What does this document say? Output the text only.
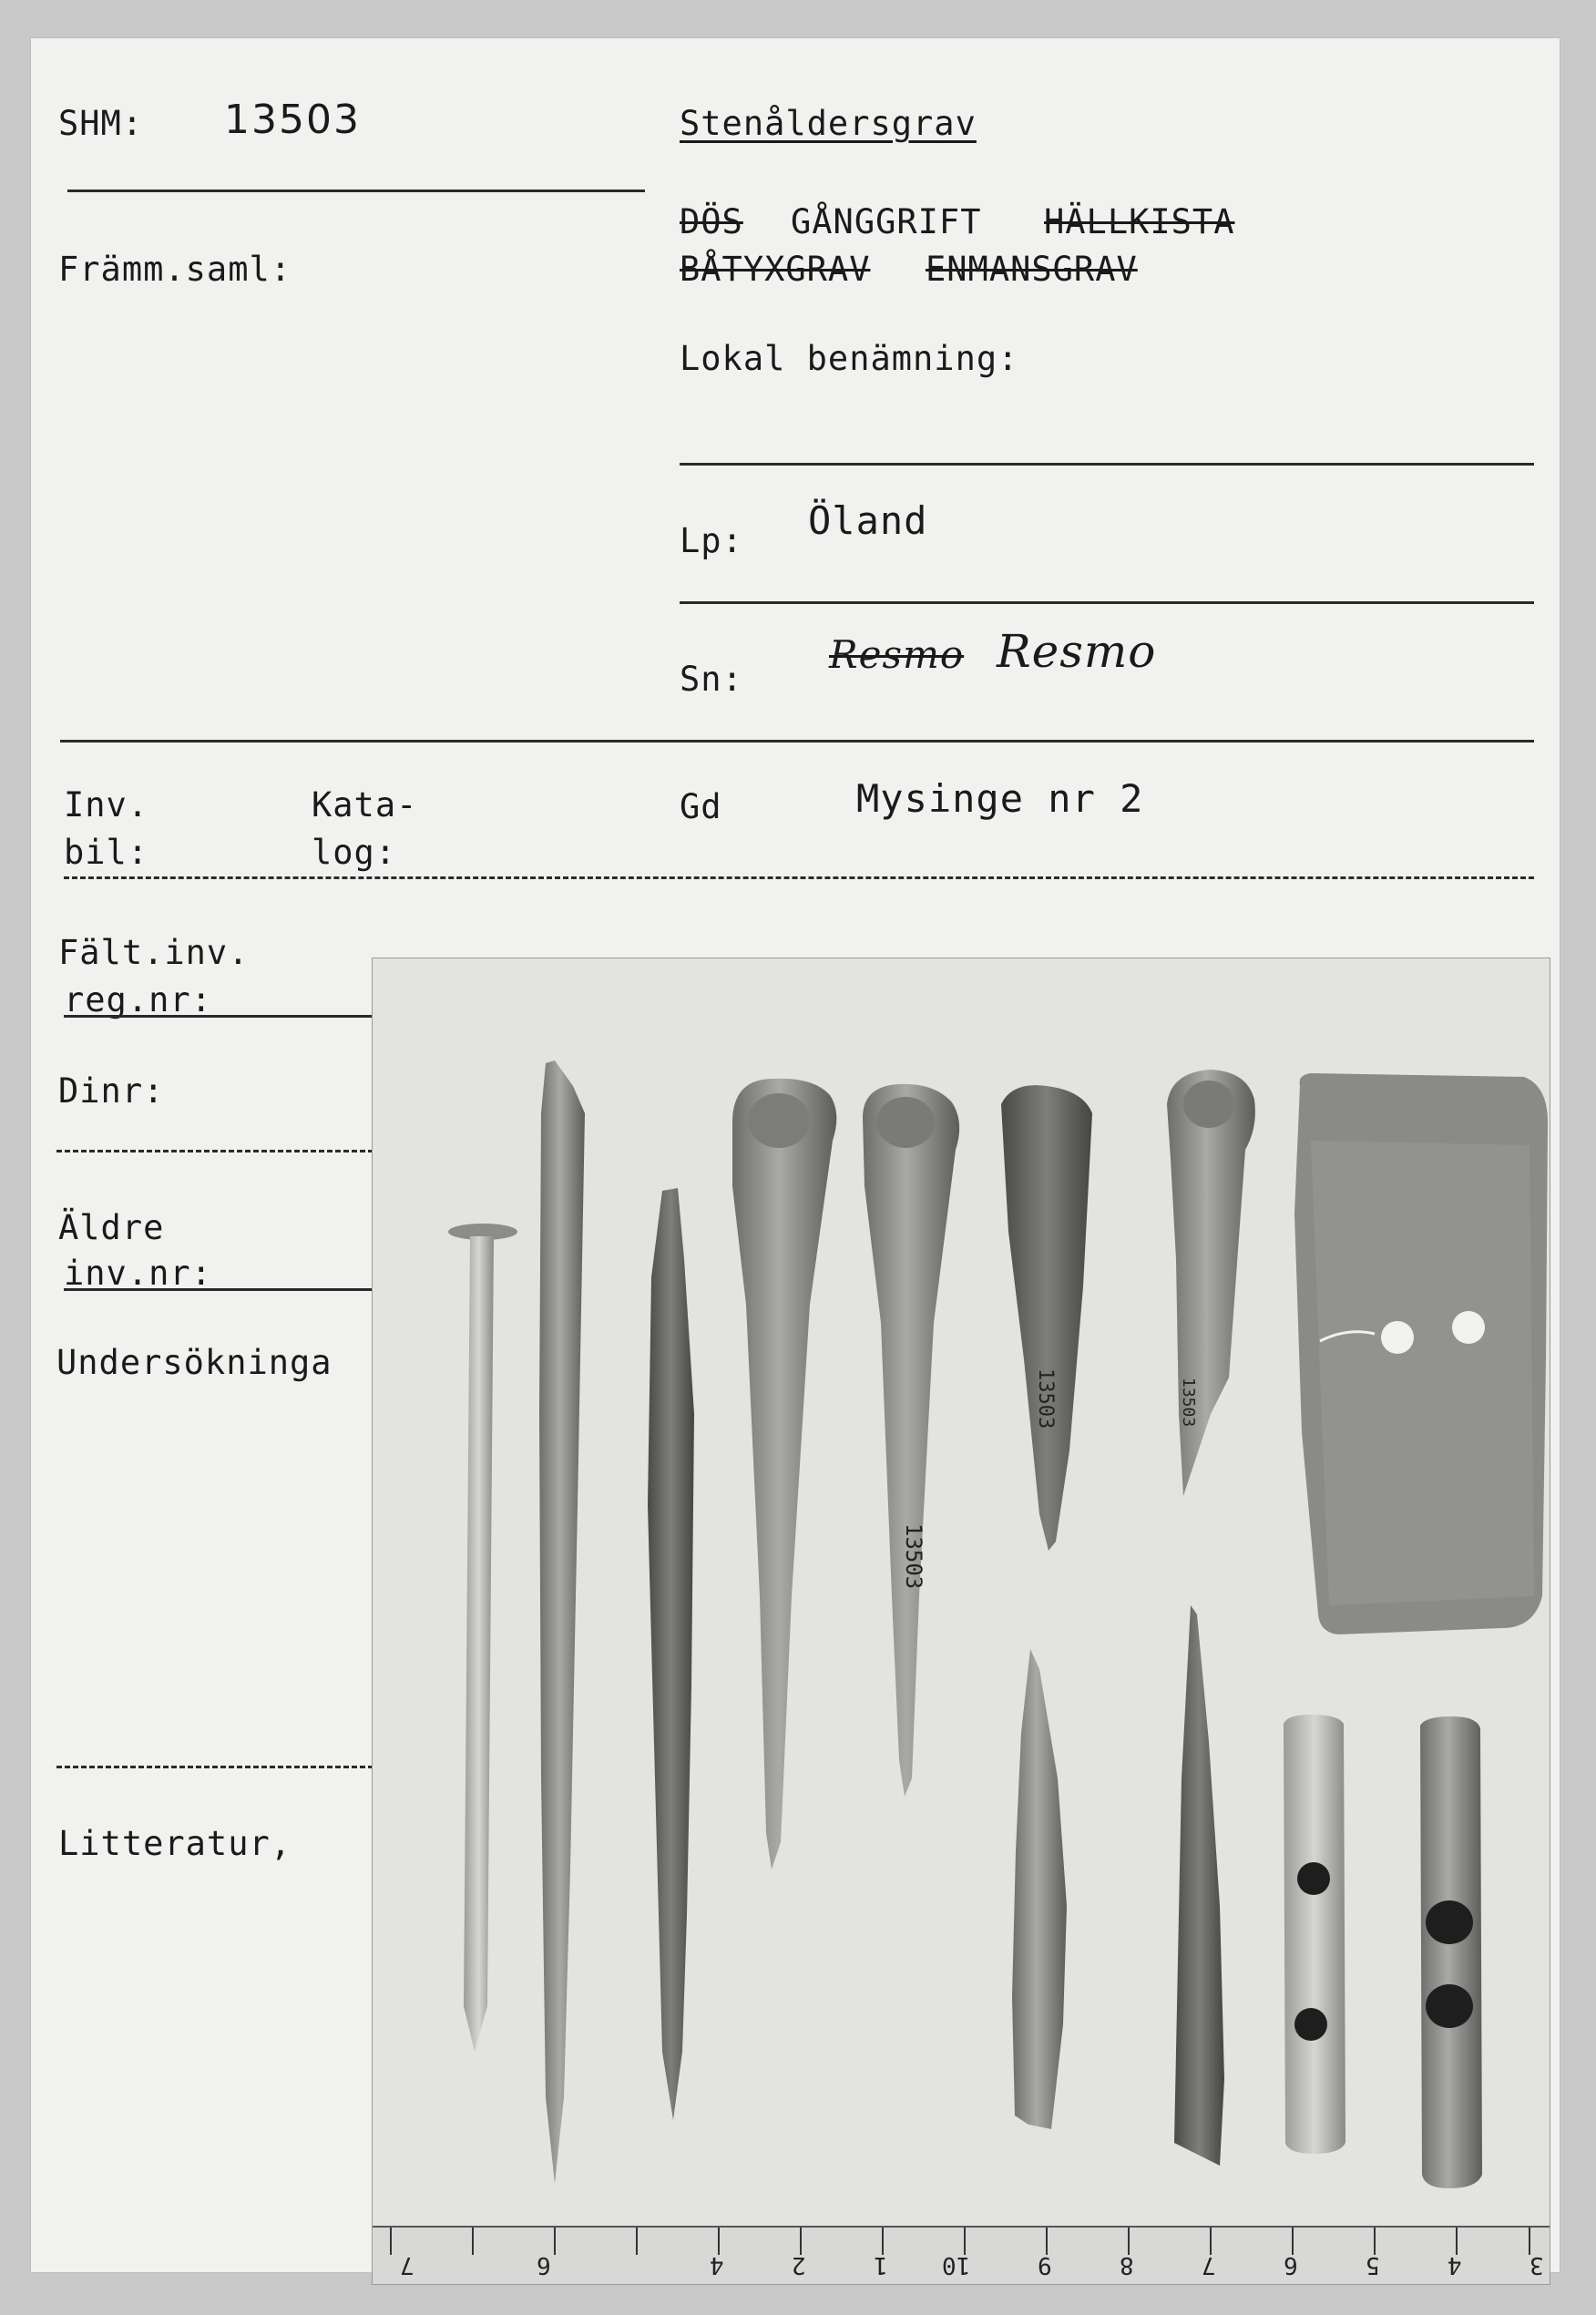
SHM: 13503
Främm.saml:
Stenåldersgrav
DÖS GÅNGGRIFT HÄLLKISTA
BÅTYXGRAV ENMANSGRAV
Lokal benämning:
Lp: Öland
Sn:
Resmo Resmo
Inv.
bil:
Kata-
log:
Gd	Mysinge nr 2
Fält.inv.
reg.nr:
Dinr:
Äldre
inv.nr:
Undersökninga
Litteratur,
13503
13503	13503
3
4
5
6
7
8
9
10
1
2
4
6
7
